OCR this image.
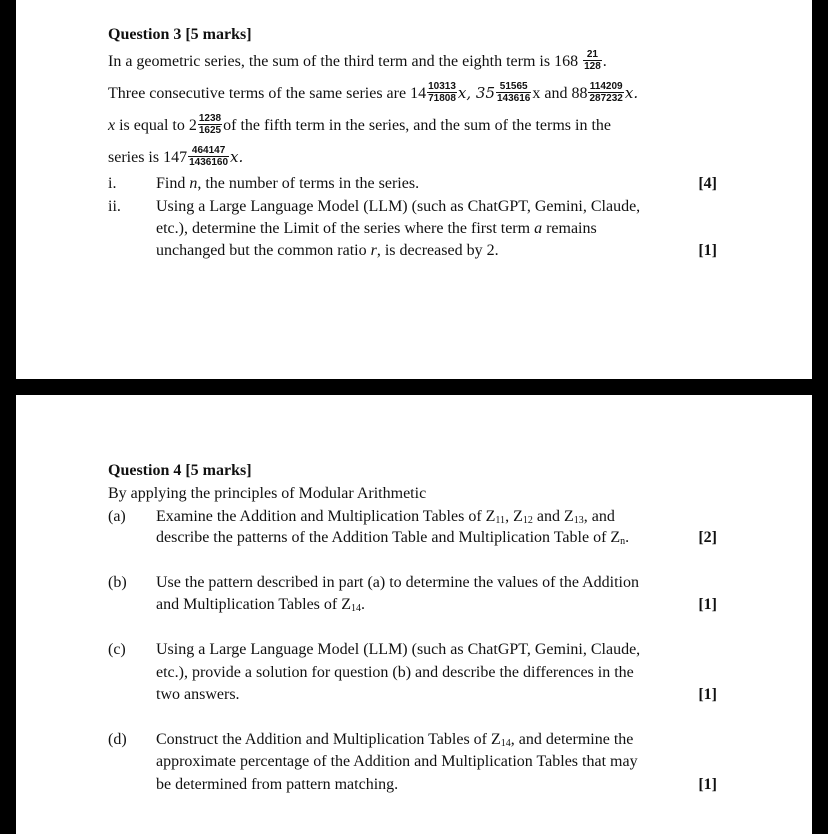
Question 3 [5 marks]
In a geometric series, the sum of the third term and the eighth term is $168 \frac{21}{128}$ .
Three consecutive terms of the same series are $14 \frac{10313}{71808} x$, $35 \frac{51565}{143616}$ x and $88 \frac{114209}{287232} x$.
x is equal to $2 \frac{1238}{1625}$ of the fifth term in the series, and the sum of the terms in the
series is $147 \frac{464147}{1436160} x$.
i. Find n, the number of terms in the series.	[4]
ii. Using a Large Language Model (LLM) (such as ChatGPT, Gemini, Claude,
etc.), determine the Limit of the series where the first term a remains
unchanged but the common ratio r, is decreased by 2.	[1]
Question 4 [5 marks]
By applying the principles of Modular Arithmetic
(a) Examine the Addition and Multiplication Tables of $Z_{11}$, $Z_{12}$ and $Z_{13}$, and
describe the patterns of the Addition Table and Multiplication Table of $Z_n$.	[2]
(b) Use the pattern described in part (a) to determine the values of the Addition
and Multiplication Tables of $Z_{14}$.	[1]
(c) Using a Large Language Model (LLM) (such as ChatGPT, Gemini, Claude,
etc.), provide a solution for question (b) and describe the differences in the
two answers.	[1]
(d) Construct the Addition and Multiplication Tables of $Z_{14}$, and determine the
approximate percentage of the Addition and Multiplication Tables that may
be determined from pattern matching.	[1]
